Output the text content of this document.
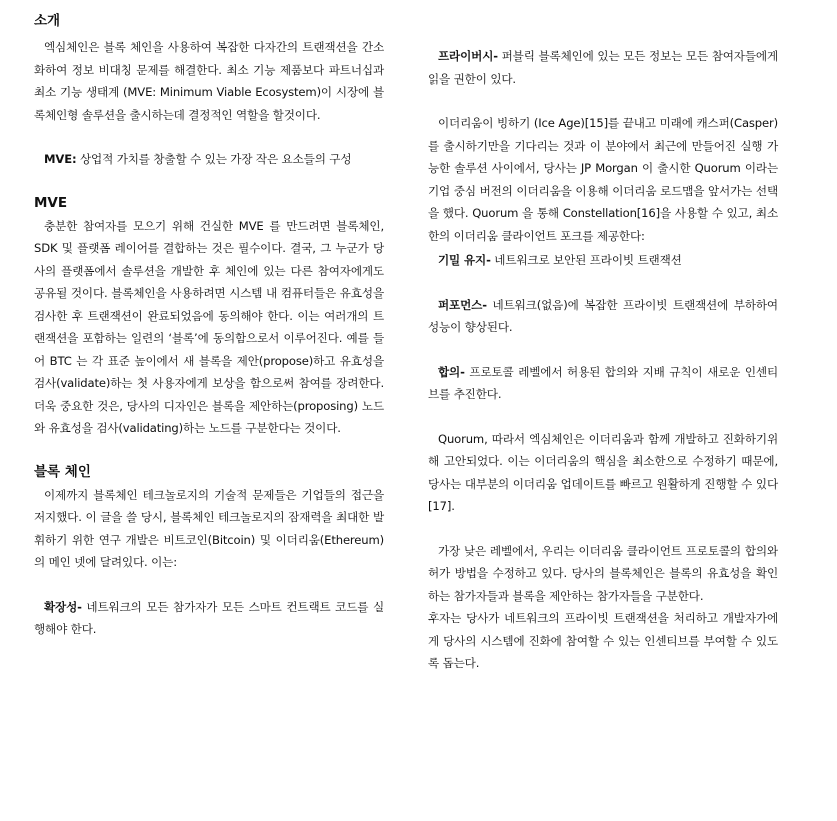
소개

엑심체인은 블록 체인을 사용하여 복잡한 다자간의 트랜잭션을 간소화하여 정보 비대칭 문제를 해결한다. 최소 기능 제품보다 파트너십과 최소 기능 생태계 (MVE: Minimum Viable Ecosystem)이 시장에 블록체인형 솔루션을 출시하는데 결정적인 역할을 할것이다.

MVE: 상업적 가치를 창출할 수 있는 가장 작은 요소들의 구성

MVE

충분한 참여자를 모으기 위해 건실한 MVE 를 만드려면 블록체인, SDK 및 플랫폼 레이어를 결합하는 것은 필수이다. 결국, 그 누군가 당사의 플랫폼에서 솔루션을 개발한 후 체인에 있는 다른 참여자에게도 공유될 것이다. 블록체인을 사용하려면 시스템 내 컴퓨터들은 유효성을 검사한 후 트랜잭션이 완료되었음에 동의해야 한다. 이는 여러개의 트랜잭션을 포함하는 일련의 ‘블록’에 동의함으로서 이루어진다. 예를 들어 BTC 는 각 표준 높이에서 새 블록을 제안(propose)하고 유효성을 검사(validate)하는 첫 사용자에게 보상을 함으로써 참여를 장려한다. 더욱 중요한 것은, 당사의 디자인은 블록을 제안하는(proposing) 노드와 유효성을 검사(validating)하는 노드를 구분한다는 것이다.

블록 체인

이제까지 블록체인 테크놀로지의 기술적 문제들은 기업들의 접근을 저지했다. 이 글을 쓸 당시, 블록체인 테크놀로지의 잠재력을 최대한 발휘하기 위한 연구 개발은 비트코인(Bitcoin) 및 이더리움(Ethereum)의 메인 넷에 달려있다. 이는:

확장성- 네트워크의 모든 참가자가 모든 스마트 컨트랙트 코드를 실행해야 한다.

프라이버시- 퍼블릭 블록체인에 있는 모든 정보는 모든 참여자들에게 읽을 권한이 있다.

이더리움이 빙하기 (Ice Age)[15]를 끝내고 미래에 캐스퍼(Casper)를 출시하기만을 기다리는 것과 이 분야에서 최근에 만들어진 실행 가능한 솔루션 사이에서, 당사는 JP Morgan 이 출시한 Quorum 이라는 기업 중심 버전의 이더리움을 이용해 이더리움 로드맵을 앞서가는 선택을 했다. Quorum 을 통해 Constellation[16]을 사용할 수 있고, 최소한의 이더리움 클라이언트 포크를 제공한다:

기밀 유지- 네트워크로 보안된 프라이빗 트랜잭션

퍼포먼스- 네트워크(없음)에 복잡한 프라이빗 트랜잭션에 부하하여 성능이 향상된다.

합의- 프로토콜 레벨에서 허용된 합의와 지배 규칙이 새로운 인센티브를 추진한다.

Quorum, 따라서 엑심체인은 이더리움과 함께 개발하고 진화하기위해 고안되었다. 이는 이더리움의 핵심을 최소한으로 수정하기 때문에, 당사는 대부분의 이더리움 업데이트를 빠르고 원활하게 진행할 수 있다[17].

가장 낮은 레벨에서, 우리는 이더리움 클라이언트 프로토콜의 합의와 허가 방법을 수정하고 있다. 당사의 블록체인은 블록의 유효성을 확인하는 참가자들과 블록을 제안하는 참가자들을 구분한다.

후자는 당사가 네트워크의 프라이빗 트랜잭션을 처리하고 개발자가에게 당사의 시스템에 진화에 참여할 수 있는 인센티브를 부여할 수 있도록 돕는다.
